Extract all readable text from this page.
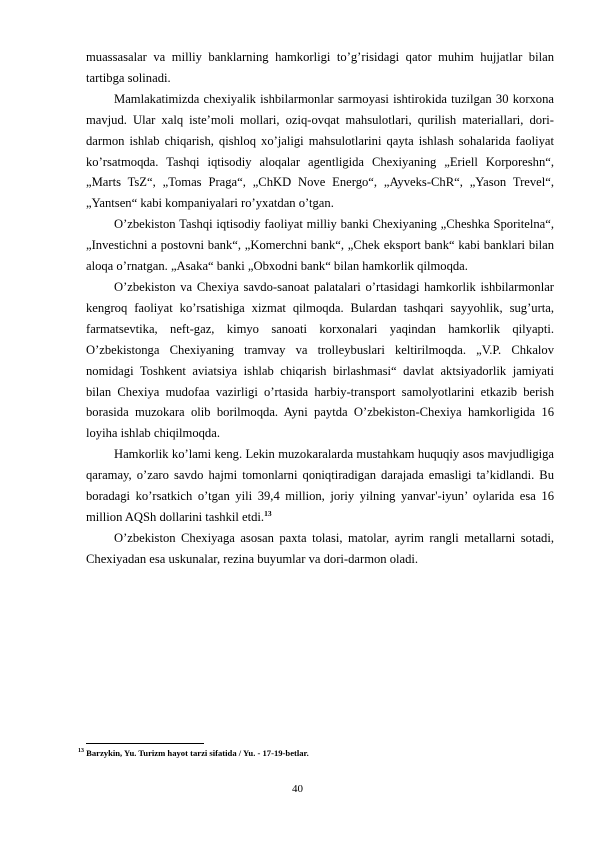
muassasalar va milliy banklarning hamkorligi to’g’risidagi qator muhim hujjatlar bilan tartibga solinadi.

Mamlakatimizda chexiyalik ishbilarmonlar sarmoyasi ishtirokida tuzilgan 30 korxona mavjud. Ular xalq iste’moli mollari, oziq-ovqat mahsulotlari, qurilish materiallari, dori-darmon ishlab chiqarish, qishloq xo’jaligi mahsulotlarini qayta ishlash sohalarida faoliyat ko’rsatmoqda. Tashqi iqtisodiy aloqalar agentligida Chexiyaning „Eriell Korporeshn“, „Marts TsZ“, „Tomas Praga“, „ChKD Nove Energo“, „Ayveks-ChR“, „Yason Trevel“, „Yantsen“ kabi kompaniyalari ro’yxatdan o’tgan.

O’zbekiston Tashqi iqtisodiy faoliyat milliy banki Chexiyaning „Cheshka Sporitelna“, „Investichni a postovni bank“, „Komerchni bank“, „Chek eksport bank“ kabi banklari bilan aloqa o’rnatgan. „Asaka“ banki „Obxodni bank“ bilan hamkorlik qilmoqda.

O’zbekiston va Chexiya savdo-sanoat palatalari o’rtasidagi hamkorlik ishbilarmonlar kengroq faoliyat ko’rsatishiga xizmat qilmoqda. Bulardan tashqari sayyohlik, sug’urta, farmatsevtika, neft-gaz, kimyo sanoati korxonalari yaqindan hamkorlik qilyapti. O’zbekistonga Chexiyaning tramvay va trolleybuslari keltirilmoqda. „V.P. Chkalov nomidagi Toshkent aviatsiya ishlab chiqarish birlashmasi“ davlat aktsiyadorlik jamiyati bilan Chexiya mudofaa vazirligi o’rtasida harbiy-transport samolyotlarini etkazib berish borasida muzokara olib borilmoqda. Ayni paytda O’zbekiston-Chexiya hamkorligida 16 loyiha ishlab chiqilmoqda.

Hamkorlik ko’lami keng. Lekin muzokaralarda mustahkam huquqiy asos mavjudligiga qaramay, o’zaro savdo hajmi tomonlarni qoniqtiradigan darajada emasligi ta’kidlandi. Bu boradagi ko’rsatkich o’tgan yili 39,4 million, joriy yilning yanvar'-iyun’ oylarida esa 16 million AQSh dollarini tashkil etdi.$^{13}$

O’zbekiston Chexiyaga asosan paxta tolasi, matolar, ayrim rangli metallarni sotadi, Chexiyadan esa uskunalar, rezina buyumlar va dori-darmon oladi.

$^{13}$ Barzykin, Yu. Turizm hayot tarzi sifatida / Yu. - 17-19-betlar.
40
